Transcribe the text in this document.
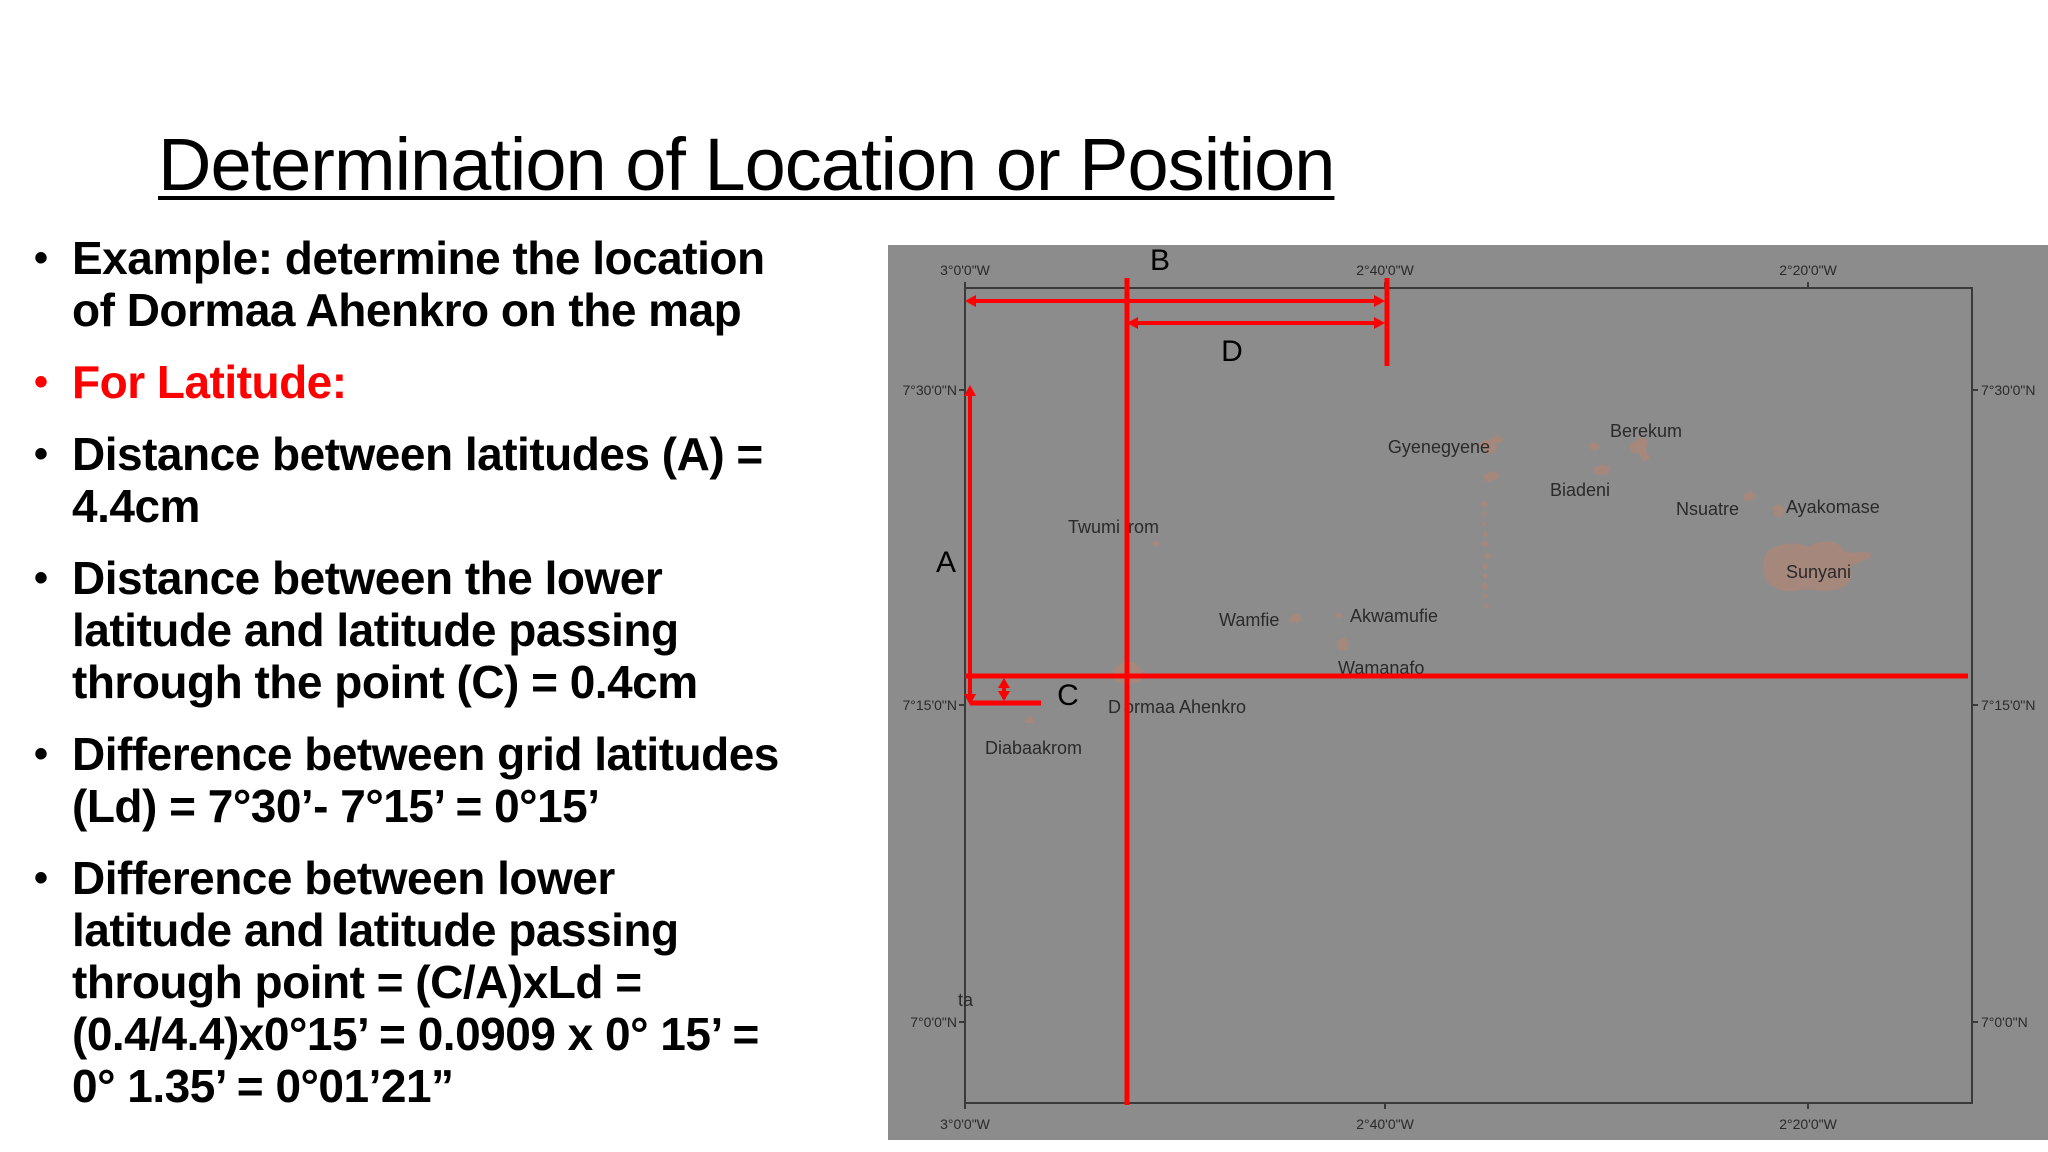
Determination of Location or Position
• Example: determine the location
of Dormaa Ahenkro on the map
• For Latitude:
• Distance between latitudes (A) =
4.4cm
• Distance between the lower
latitude and latitude passing
through the point (C) = 0.4cm
• Difference between grid latitudes
(Ld) = 7°30’- 7°15’ = 0°15’
• Difference between lower
latitude and latitude passing
through point = (C/A)xLd =
(0.4/4.4)x0°15’ = 0.0909 x 0° 15’ =
0° 1.35’ = 0°01’21”
3°0'0"W	2°40'0"W	2°20'0"W
3°0'0"W	2°40'0"W	2°20'0"W
7°30'0"N
7°15'0"N
7°0'0"N
7°30'0"N
7°15'0"N
7°0'0"N
Gyenegyene
Berekum
Biadeni
Nsuatre	Ayakomase
Sunyani
Twumi rom
Wamfie	Akwamufie
Wamanafo
D ormaa Ahenkro
Diabaakrom
ta
B
D
A
C
